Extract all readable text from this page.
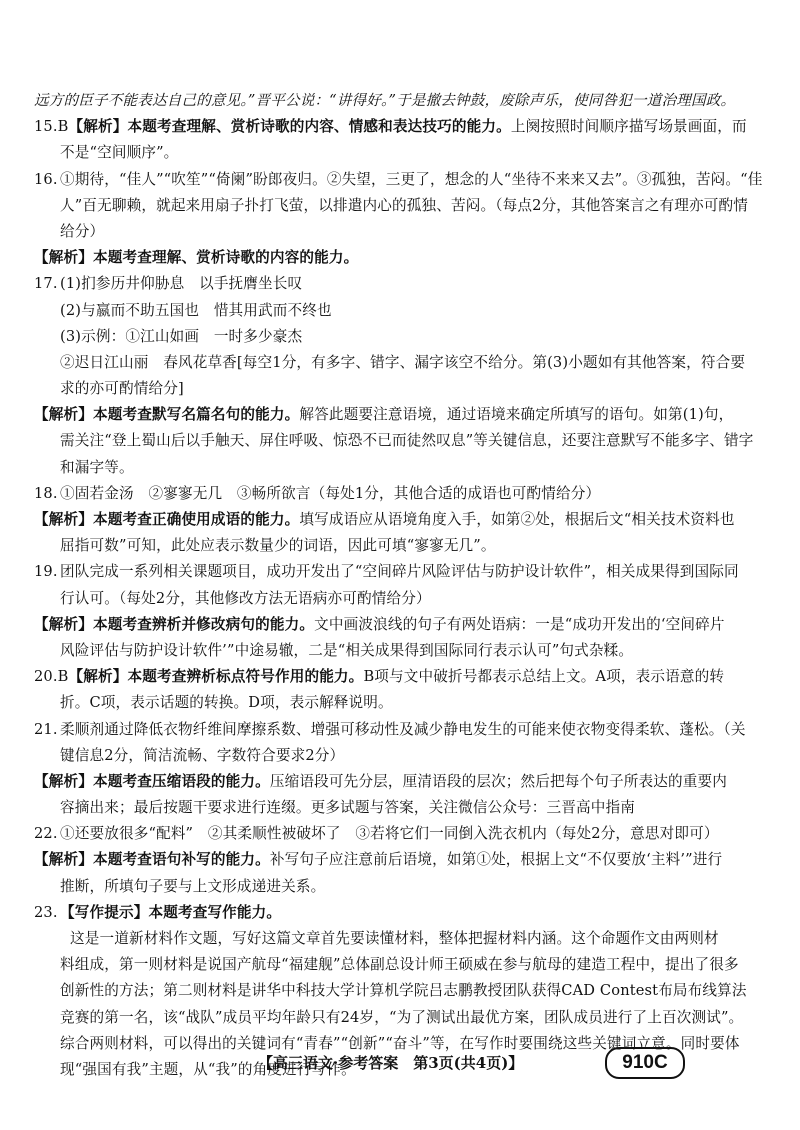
远方的臣子不能表达自己的意见。”晋平公说：“讲得好。”于是撤去钟鼓，废除声乐，使同咎犯一道治理国政。
15.B【解析】本题考查理解、赏析诗歌的内容、情感和表达技巧的能力。上阕按照时间顺序描写场景画面，而
不是“空间顺序”。
16. ①期待，“佳人”“吹笙”“倚阑”盼郎夜归。②失望，三更了，想念的人“坐待不来来又去”。③孤独，苦闷。“佳
人”百无聊赖，就起来用扇子扑打飞萤，以排遣内心的孤独、苦闷。（每点2分，其他答案言之有理亦可酌情
给分）
【解析】本题考查理解、赏析诗歌的内容的能力。
17. (1)扪参历井仰胁息　以手抚膺坐长叹
(2)与嬴而不助五国也　惜其用武而不终也
(3)示例：①江山如画　一时多少豪杰
②迟日江山丽　春风花草香[每空1分，有多字、错字、漏字该空不给分。第(3)小题如有其他答案，符合要
求的亦可酌情给分]
【解析】本题考查默写名篇名句的能力。解答此题要注意语境，通过语境来确定所填写的语句。如第(1)句，
需关注“登上蜀山后以手触天、屏住呼吸、惊恐不已而徒然叹息”等关键信息，还要注意默写不能多字、错字
和漏字等。
18. ①固若金汤　②寥寥无几　③畅所欲言（每处1分，其他合适的成语也可酌情给分）
【解析】本题考查正确使用成语的能力。填写成语应从语境角度入手，如第②处，根据后文“相关技术资料也
屈指可数”可知，此处应表示数量少的词语，因此可填“寥寥无几”。
19. 团队完成一系列相关课题项目，成功开发出了“空间碎片风险评估与防护设计软件”，相关成果得到国际同
行认可。（每处2分，其他修改方法无语病亦可酌情给分）
【解析】本题考查辨析并修改病句的能力。文中画波浪线的句子有两处语病：一是“成功开发出的‘空间碎片
风险评估与防护设计软件’”中途易辙，二是“相关成果得到国际同行表示认可”句式杂糅。
20.B【解析】本题考查辨析标点符号作用的能力。B项与文中破折号都表示总结上文。A项，表示语意的转
折。C项，表示话题的转换。D项，表示解释说明。
21. 柔顺剂通过降低衣物纤维间摩擦系数、增强可移动性及减少静电发生的可能来使衣物变得柔软、蓬松。（关
键信息2分，简洁流畅、字数符合要求2分）
【解析】本题考查压缩语段的能力。压缩语段可先分层，厘清语段的层次；然后把每个句子所表达的重要内
容摘出来；最后按题干要求进行连缀。更多试题与答案，关注微信公众号：三晋高中指南
22. ①还要放很多“配料”　②其柔顺性被破坏了　③若将它们一同倒入洗衣机内（每处2分，意思对即可）
【解析】本题考查语句补写的能力。补写句子应注意前后语境，如第①处，根据上文“不仅要放‘主料’”进行
推断，所填句子要与上文形成递进关系。
23. 【写作提示】本题考查写作能力。
这是一道新材料作文题，写好这篇文章首先要读懂材料，整体把握材料内涵。这个命题作文由两则材
料组成，第一则材料是说国产航母“福建舰”总体副总设计师王硕威在参与航母的建造工程中，提出了很多
创新性的方法；第二则材料是讲华中科技大学计算机学院吕志鹏教授团队获得CAD Contest布局布线算法
竞赛的第一名，该“战队”成员平均年龄只有24岁，“为了测试出最优方案，团队成员进行了上百次测试”。
综合两则材料，可以得出的关键词有“青春”“创新”“奋斗”等，在写作时要围绕这些关键词立意。同时要体
现“强国有我”主题，从“我”的角度进行写作。
【高三语文·参考答案　第3页(共4页)】	910C
